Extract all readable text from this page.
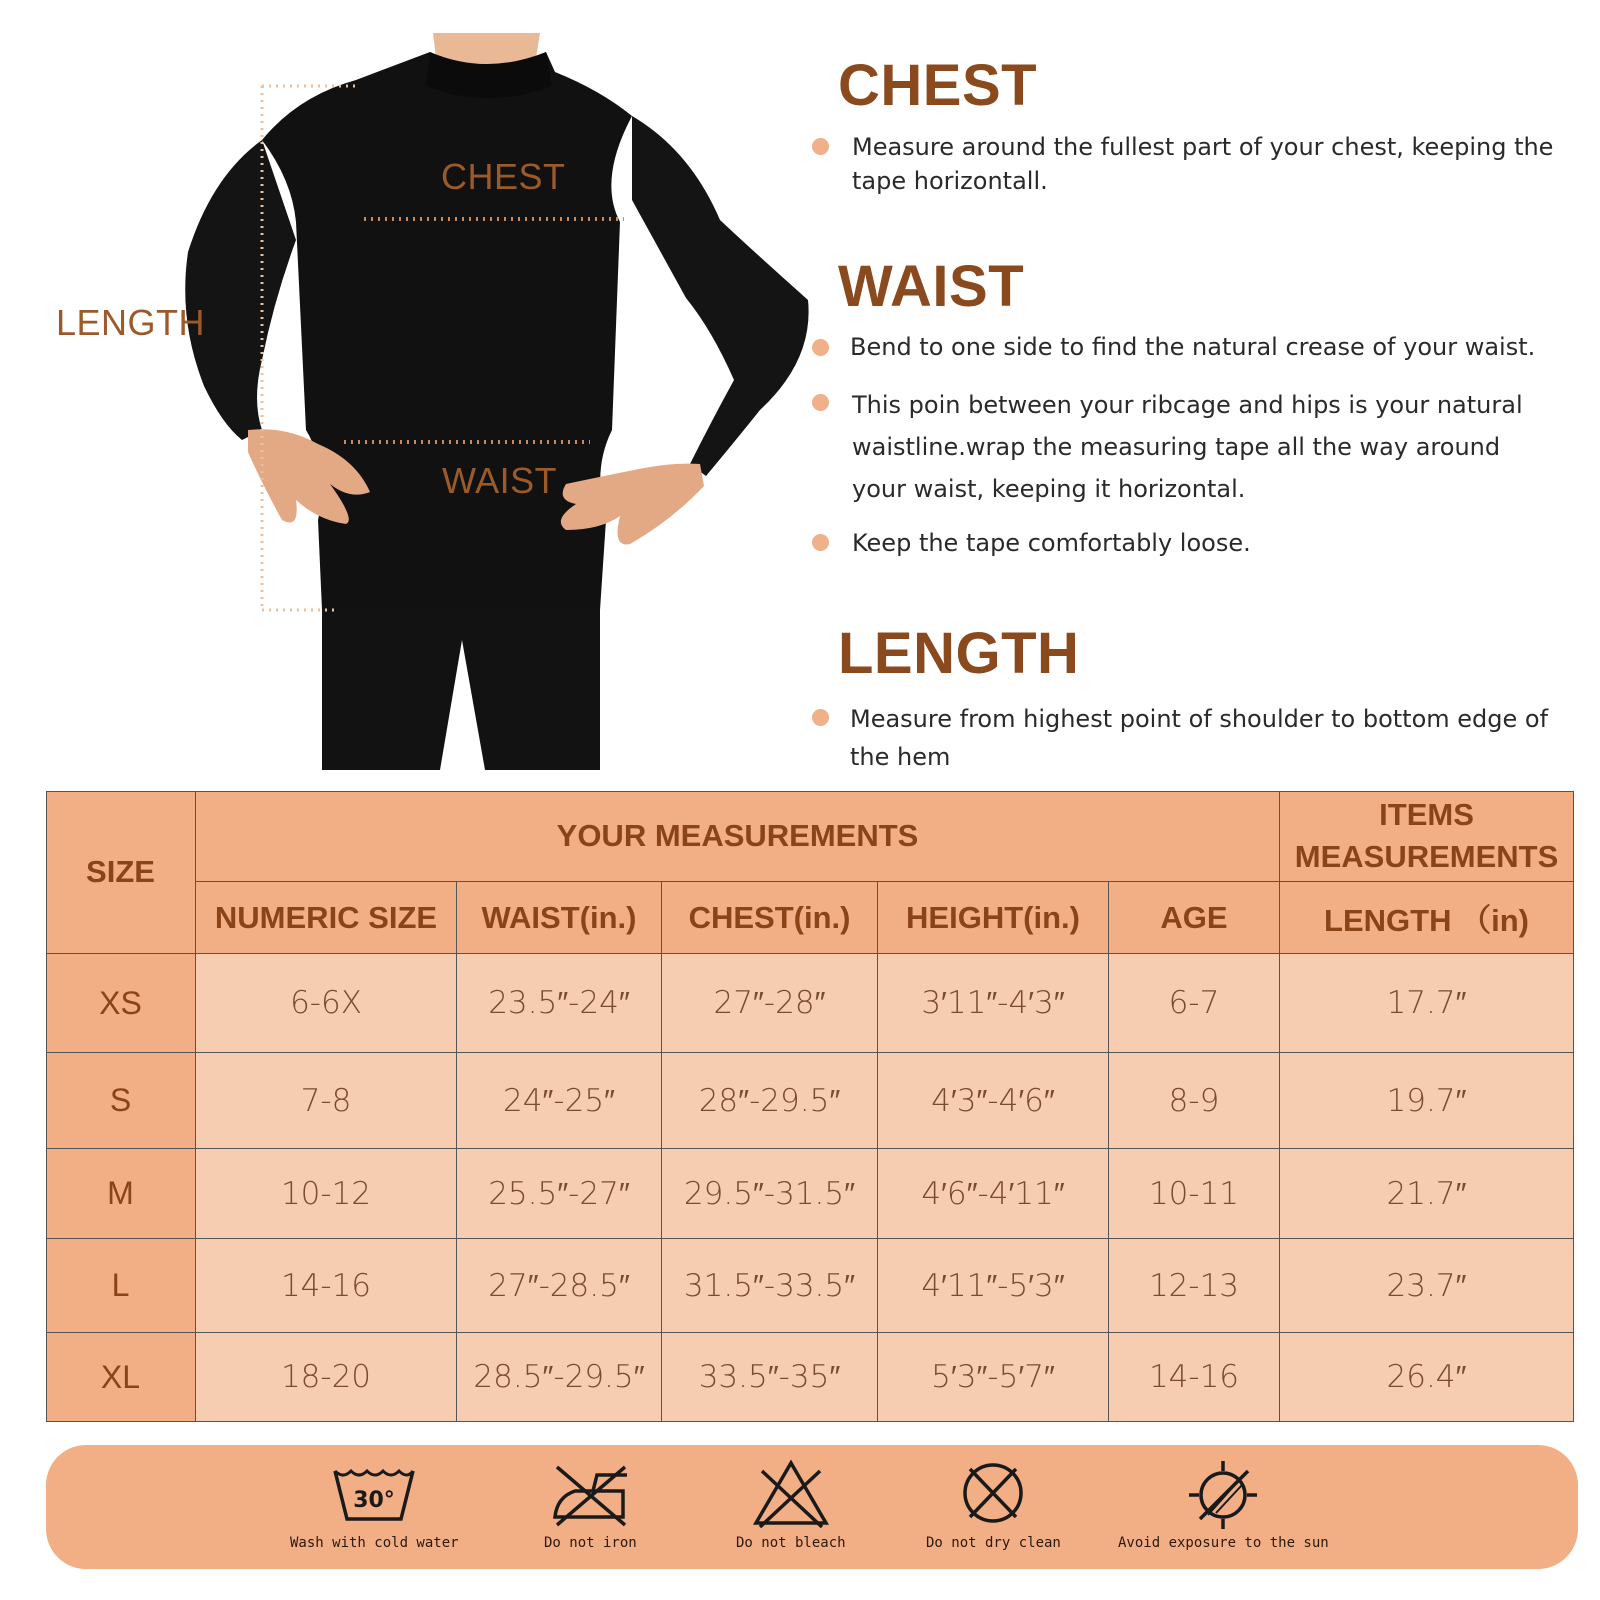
CHEST
WAIST
LENGTH
CHEST
Measure around the fullest part of your chest, keeping the tape horizontall.
WAIST
Bend to one side to find the natural crease of your waist.
This poin between your ribcage and hips is your natural waistline.wrap the measuring tape all the way around your waist, keeping it horizontal.
Keep the tape comfortably loose.
LENGTH
Measure from highest point of shoulder to bottom edge of the hem
SIZE
YOUR MEASUREMENTS
ITEMS MEASUREMENTS
NUMERIC SIZE	WAIST(in.)	CHEST(in.)	HEIGHT(in.)	AGE	LENGTH （in)
XS	6-6X	23.5″-24″	27″-28″	3′11″-4′3″	6-7	17.7″
S	7-8	24″-25″	28″-29.5″	4′3″-4′6″	8-9	19.7″
M	10-12	25.5″-27″	29.5″-31.5″	4′6″-4′11″	10-11	21.7″
L	14-16	27″-28.5″	31.5″-33.5″	4′11″-5′3″	12-13	23.7″
XL	18-20	28.5″-29.5″	33.5″-35″	5′3″-5′7″	14-16	26.4″
30°
Wash with cold water	Do not iron	Do not bleach	Do not dry clean	Avoid exposure to the sun
